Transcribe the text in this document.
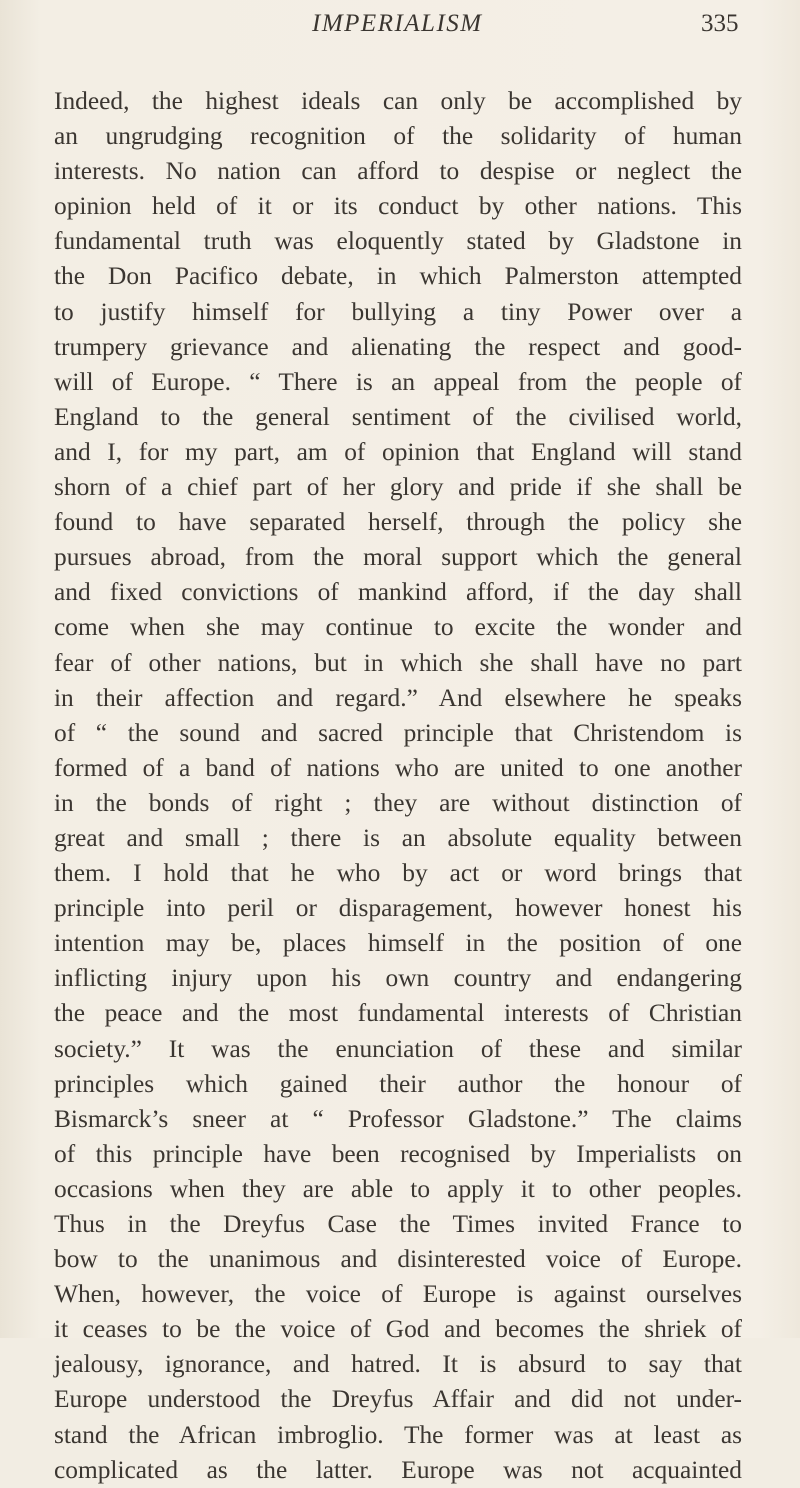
IMPERIALISM	335
Indeed, the highest ideals can only be accomplished by
an ungrudging recognition of the solidarity of human
interests. No nation can afford to despise or neglect the
opinion held of it or its conduct by other nations. This
fundamental truth was eloquently stated by Gladstone in
the Don Pacifico debate, in which Palmerston attempted
to justify himself for bullying a tiny Power over a
trumpery grievance and alienating the respect and good-
will of Europe. “ There is an appeal from the people of
England to the general sentiment of the civilised world,
and I, for my part, am of opinion that England will stand
shorn of a chief part of her glory and pride if she shall be
found to have separated herself, through the policy she
pursues abroad, from the moral support which the general
and fixed convictions of mankind afford, if the day shall
come when she may continue to excite the wonder and
fear of other nations, but in which she shall have no part
in their affection and regard.” And elsewhere he speaks
of “ the sound and sacred principle that Christendom is
formed of a band of nations who are united to one another
in the bonds of right ; they are without distinction of
great and small ; there is an absolute equality between
them. I hold that he who by act or word brings that
principle into peril or disparagement, however honest his
intention may be, places himself in the position of one
inflicting injury upon his own country and endangering
the peace and the most fundamental interests of Christian
society.” It was the enunciation of these and similar
principles which gained their author the honour of
Bismarck’s sneer at “ Professor Gladstone.” The claims
of this principle have been recognised by Imperialists on
occasions when they are able to apply it to other peoples.
Thus in the Dreyfus Case the Times invited France to
bow to the unanimous and disinterested voice of Europe.
When, however, the voice of Europe is against ourselves
it ceases to be the voice of God and becomes the shriek of
jealousy, ignorance, and hatred. It is absurd to say that
Europe understood the Dreyfus Affair and did not under-
stand the African imbroglio. The former was at least as
complicated as the latter. Europe was not acquainted
